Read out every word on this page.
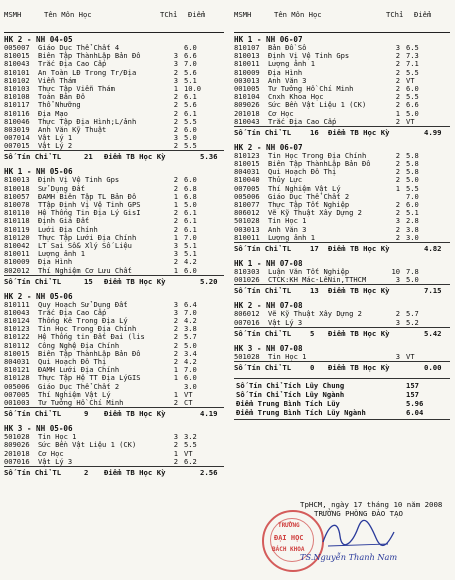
MSMH	Tên Môn Học	TChỉ Điểm
HK 2 - NH 04-05
005007 Giáo Dục Thể Chất 4	6.0
810015 Biên Tập ThànhLập Bản Đồ	3 6.6
810043 Trắc Địa Cao Cấp	3 7.0
810101 An Toàn LĐ Trong Tr/Địa	2 5.6
810102 Viễn Thám	3 5.1
810103 Thực Tập Viễn Thám	1 10.0
810108 Toán Bản Đồ	2 6.1
810117 Thổ Nhưỡng	2 5.6
810116 Địa Mạo	2 6.1
810046 Thực Tập Địa Hình;L/ảnh	2 5.5
803019 Anh Văn Kỹ Thuật	2 6.0
007014 Vật Lý 1	3 5.0
007015 Vật Lý 2	2 5.5
Số Tín Chỉ TL	21 Điểm TB Học Kỳ	5.36
HK 1 - NH 05-06
810013 Định Vị Vệ Tinh Gps	2 6.0
810018 Sử Dụng Đất	2 6.8
810057 ĐAMH Biên Tập TL Bản Đồ	1 6.8
810078 TTập Định Vị Vệ Tinh GPS	1 5.0
810110 Hệ Thống Tin Địa Lý GisI	2 6.1
810118 Định Giá Đất	2 6.1
810119 Lưới Địa Chính	2 6.1
810120 Thực Tập Lưới Địa Chính	1 7.0
810042 LT Sai Số& Xlý Số Liệu	3 5.1
810011 Lượng ảnh 1	3 5.1
810009 Địa Hình	2 4.2
802012 Thí Nghiệm Cơ Lưu Chất	1 6.0
Số Tín Chỉ TL	15 Điểm TB Học Kỳ	5.20
HK 2 - NH 05-06
810111 Quy Hoạch Sử Dụng Đất	3 6.4
810043 Trắc Địa Cao Cấp	3 7.0
810124 Thống Kê Trong Địa Lý	2 4.2
810123 Tin Học Trong Địa Chính	2 3.8
810122 Hệ Thống tin Đất Đai (lis	2 5.7
810112 Công Nghệ Địa Chính	2 5.0
810015 Biên Tập ThànhLập Bản Đồ	2 3.4
804031 Qui Hoạch Đô Thị	2 4.2
810121 ĐAMH Lưới Địa Chính	1 7.0
810128 Thực Tập Hệ TT Địa LýGIS	1 6.0
005006 Giáo Dục Thể Chất 2	3.0
007005 Thí Nghiệm Vật Lý	1 VT
001003 Tư Tưởng Hồ Chí Minh	2 CT
Số Tín Chỉ TL	9 Điểm TB Học Kỳ	4.19
HK 3 - NH 05-06
501028 Tin Học 1	3 3.2
809026 Sức Bền Vật Liệu 1 (CK)	2 5.5
201018 Cơ Học	1 VT
007016 Vật Lý 3	2 6.2
Số Tín Chỉ TL	2 Điểm TB Học Kỳ	2.56
MSMH	Tên Môn Học	TChỉ Điểm
HK 1 - NH 06-07
810107 Bản Đồ Số	3 6.5
810013 Định Vị Vệ Tinh Gps	2 7.3
810011 Lượng ảnh 1	2 7.1
810009 Địa Hình	2 5.5
003013 Anh Văn 3	2 VT
001005 Tư Tưởng Hồ Chí Minh	2 6.0
810104 Cnxh Khoa Học	2 5.5
809026 Sức Bền Vật Liệu 1 (CK)	2 6.6
201018 Cơ Học	1 5.0
810043 Trắc Địa Cao Cấp	2 VT
Số Tín Chỉ TL	16 Điểm TB Học Kỳ	4.99
HK 2 - NH 06-07
810123 Tin Học Trong Địa Chính	2 5.8
810015 Biên Tập ThànhLập Bản Đồ	2 5.8
804031 Qui Hoạch Đô Thị	2 5.8
810040 Thủy Lực	2 5.0
007005 Thí Nghiệm Vật Lý	1 5.5
005006 Giáo Dục Thể Chất 2	7.0
810077 Thực Tập Tốt Nghiệp	2 6.0
806012 Vẽ Kỹ Thuật Xây Dựng 2	2 5.1
501028 Tin Học 1	3 2.8
003013 Anh Văn 3	2 3.8
810011 Lượng ảnh 1	2 3.0
Số Tín Chỉ TL	17 Điểm TB Học Kỳ	4.82
HK 1 - NH 07-08
810303 Luận Văn Tốt Nghiệp	10 7.8
001026 CTCK:KH Mác-LêNin,TTHCM	3 5.0
Số Tín Chỉ TL	13 Điểm TB Học Kỳ	7.15
HK 2 - NH 07-08
806012 Vẽ Kỹ Thuật Xây Dựng 2	2 5.7
007016 Vật Lý 3	3 5.2
Số Tín Chỉ TL	5 Điểm TB Học Kỳ	5.42
HK 3 - NH 07-08
501028 Tin Học 1	3 VT
Số Tín Chỉ TL	0 Điểm TB Học Kỳ	0.00
Số Tín Chỉ Tích Lũy Chung	157
Số Tín Chỉ Tích Lũy Ngành	157
Điểm Trung Bình Tích Lũy	5.96
Điểm Trung Bình Tích Lũy Ngành	6.04
TpHCM, ngày 17 tháng 10 năm 2008
TRƯỞNG PHÒNG ĐÀO TẠO
TRƯỜNG
ĐẠI HỌC
BÁCH KHOA
TS.Nguyễn Thanh Nam
